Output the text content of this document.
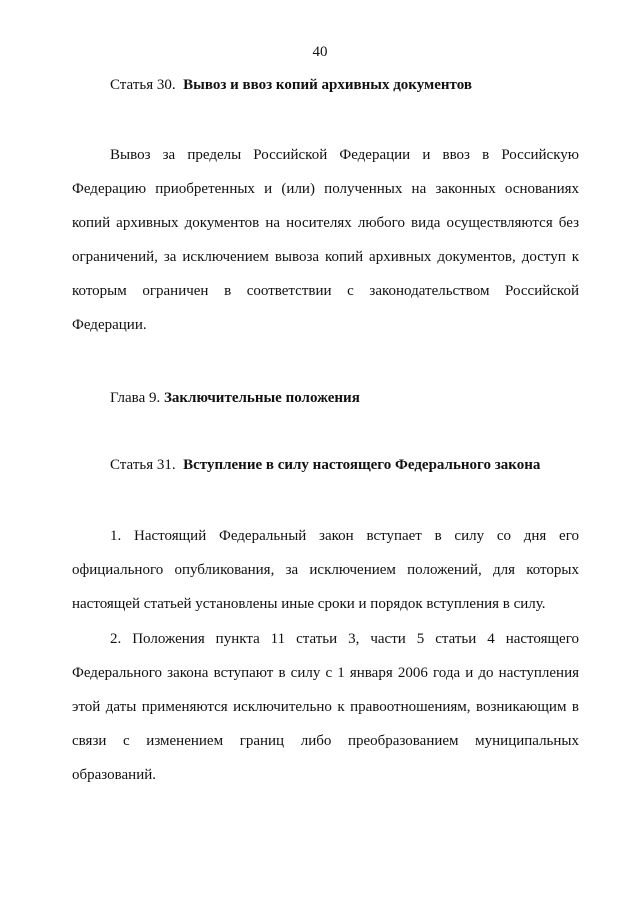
40
Статья 30. Вывоз и ввоз копий архивных документов

Вывоз за пределы Российской Федерации и ввоз в Российскую Федерацию приобретенных и (или) полученных на законных основаниях копий архивных документов на носителях любого вида осуществляются без ограничений, за исключением вывоза копий архивных документов, доступ к которым ограничен в соответствии с законодательством Российской Федерации.

Глава 9. Заключительные положения
Статья 31. Вступление в силу настоящего Федерального закона

1. Настоящий Федеральный закон вступает в силу со дня его официального опубликования, за исключением положений, для которых настоящей статьей установлены иные сроки и порядок вступления в силу.

2. Положения пункта 11 статьи 3, части 5 статьи 4 настоящего Федерального закона вступают в силу с 1 января 2006 года и до наступления этой даты применяются исключительно к правоотношениям, возникающим в связи с изменением границ либо преобразованием муниципальных образований.
